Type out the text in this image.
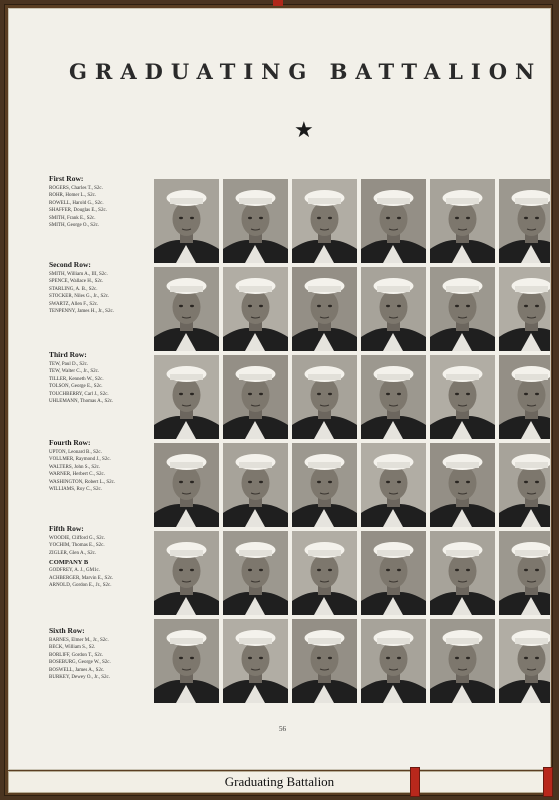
GRADUATING BATTALION
★
First Row:
ROGERS, Charles T., S2c.
ROHR, Homer L., S2c.
ROWELL, Harold G., S2c.
SHAFFER, Douglas E., S2c.
SMITH, Frank E., S2c.
SMITH, George O., S2c.
Second Row:
SMITH, William A., III, S2c.
SPENCE, Wallace H., S2c.
STARLING, A. B., S2c.
STOCKER, Niles G., Jr., S2c.
SWARTZ, Allen F., S2c.
TENPENNY, James H., Jr., S2c.
Third Row:
TEW, Paul D., S2c.
TEW, Walter C., Jr., S2c.
TILLER, Kenneth W., S2c.
TOLSON, George E., S2c.
TOUCHBERRY, Carl J., S2c.
UHLEMANN, Thomas A., S2c.
Fourth Row:
UPTON, Leonard B., S2c.
VOLLMER, Raymond J., S2c.
WALTERS, John S., S2c.
WARNER, Herbert C., S2c.
WASHINGTON, Robert L., S2c.
WILLIAMS, Roy C., S2c.
Fifth Row:
WOODIE, Clifford G., S2c.
YOCHIM, Thomas E., S2c.
ZIGLER, Glen A., S2c.
COMPANY B
GODFREY, A. J., GM1c.
ACHBERGER, Marvin E., S2c.
ARNOLD, Gordon E., Jr., S2c.
Sixth Row:
BARNES, Elmer M., Jr., S2c.
BECK, William S., S2.
BORLIFF, Gordon T., S2c.
BOSEBURG, George W., S2c.
BOSWELL, James A., S2c.
BURKEY, Dewey O., Jr., S2c.
56
Graduating Battalion
